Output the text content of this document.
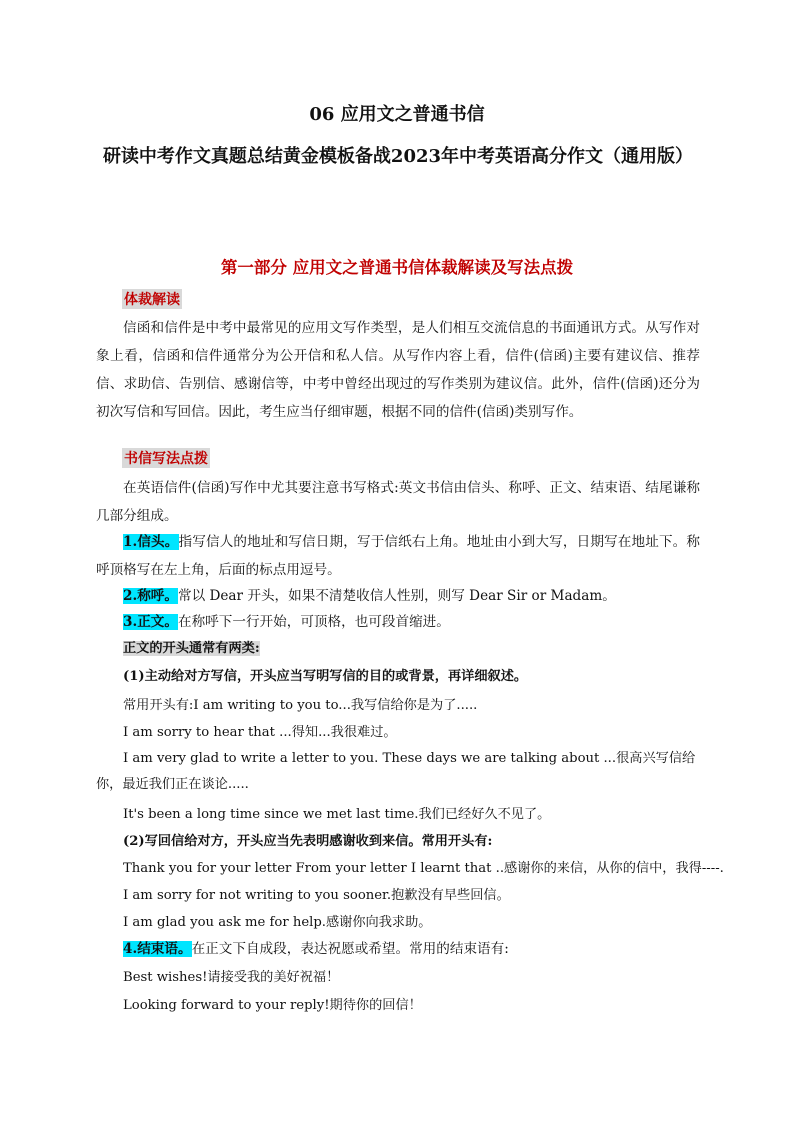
06 应用文之普通书信
研读中考作文真题总结黄金模板备战2023年中考英语高分作文（通用版）
第一部分 应用文之普通书信体裁解读及写法点拨
体裁解读
信函和信件是中考中最常见的应用文写作类型，是人们相互交流信息的书面通讯方式。从写作对象上看，信函和信件通常分为公开信和私人信。从写作内容上看，信件(信函)主要有建议信、推荐信、求助信、告别信、感谢信等，中考中曾经出现过的写作类别为建议信。此外，信件(信函)还分为初次写信和写回信。因此，考生应当仔细审题，根据不同的信件(信函)类别写作。
书信写法点拨
在英语信件(信函)写作中尤其要注意书写格式:英文书信由信头、称呼、正文、结束语、结尾谦称几部分组成。
1.信头。指写信人的地址和写信日期，写于信纸右上角。地址由小到大写，日期写在地址下。称呼顶格写在左上角，后面的标点用逗号。
2.称呼。常以 Dear 开头，如果不清楚收信人性别，则写 Dear Sir or Madam。
3.正文。在称呼下一行开始，可顶格，也可段首缩进。
正文的开头通常有两类:
(1)主动给对方写信，开头应当写明写信的目的或背景，再详细叙述。
常用开头有:I am writing to you to...我写信给你是为了.....
I am sorry to hear that ...得知...我很难过。
I am very glad to write a letter to you. These days we are talking about ...很高兴写信给你，最近我们正在谈论.....
It's been a long time since we met last time.我们已经好久不见了。
(2)写回信给对方，开头应当先表明感谢收到来信。常用开头有:
Thank you for your letter From your letter I learnt that ..感谢你的来信，从你的信中，我得----.
I am sorry for not writing to you sooner.抱歉没有早些回信。
I am glad you ask me for help.感谢你向我求助。
4.结束语。在正文下自成段，表达祝愿或希望。常用的结束语有:
Best wishes!请接受我的美好祝福！
Looking forward to your reply!期待你的回信！
